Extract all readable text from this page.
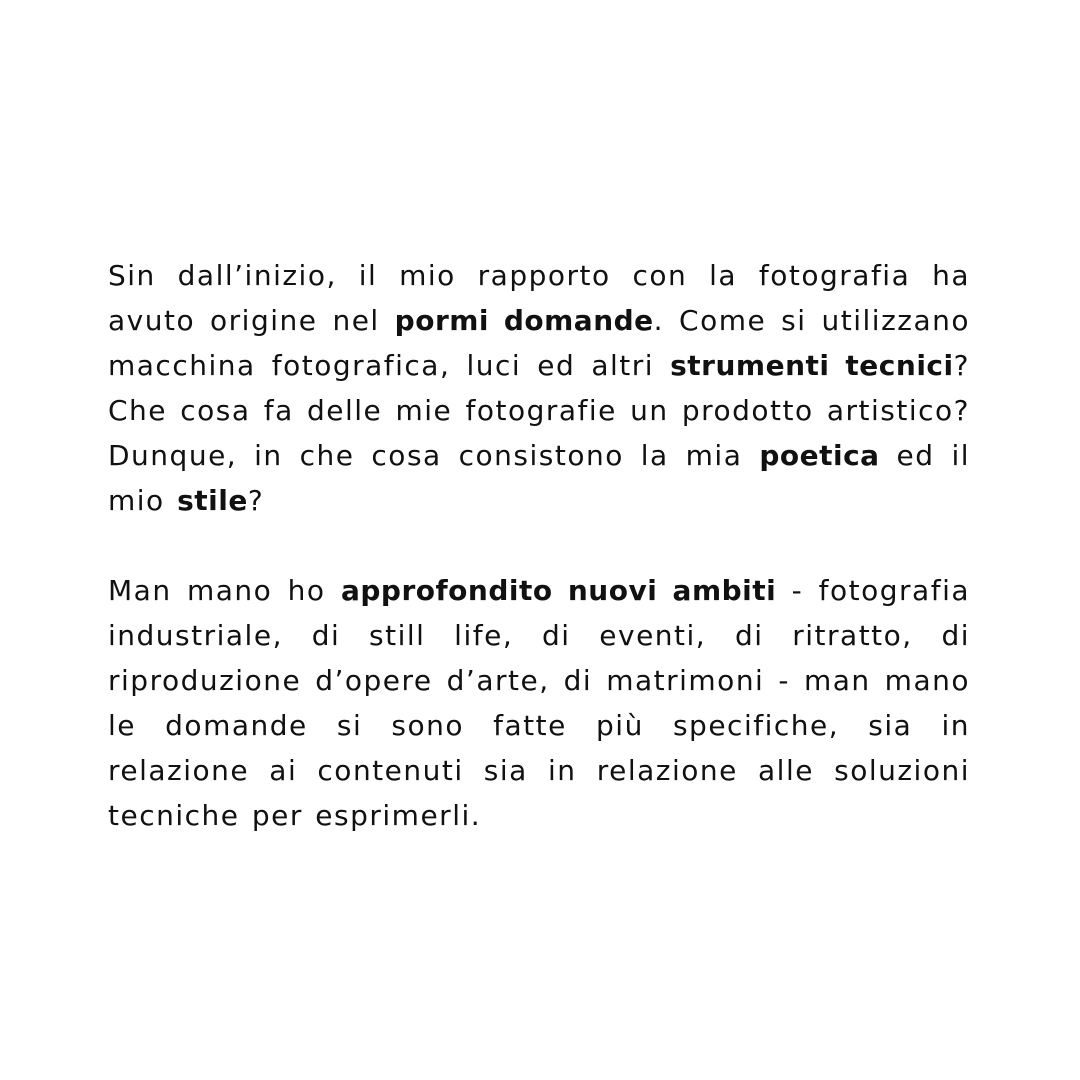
Sin dall’inizio, il mio rapporto con la fotografia ha avuto origine nel pormi domande. Come si utilizzano macchina fotografica, luci ed altri strumenti tecnici? Che cosa fa delle mie fotografie un prodotto artistico? Dunque, in che cosa consistono la mia poetica ed il mio stile?

Man mano ho approfondito nuovi ambiti - fotografia industriale, di still life, di eventi, di ritratto, di riproduzione d’opere d’arte, di matrimoni - man mano le domande si sono fatte più specifiche, sia in relazione ai contenuti sia in relazione alle soluzioni tecniche per esprimerli.
